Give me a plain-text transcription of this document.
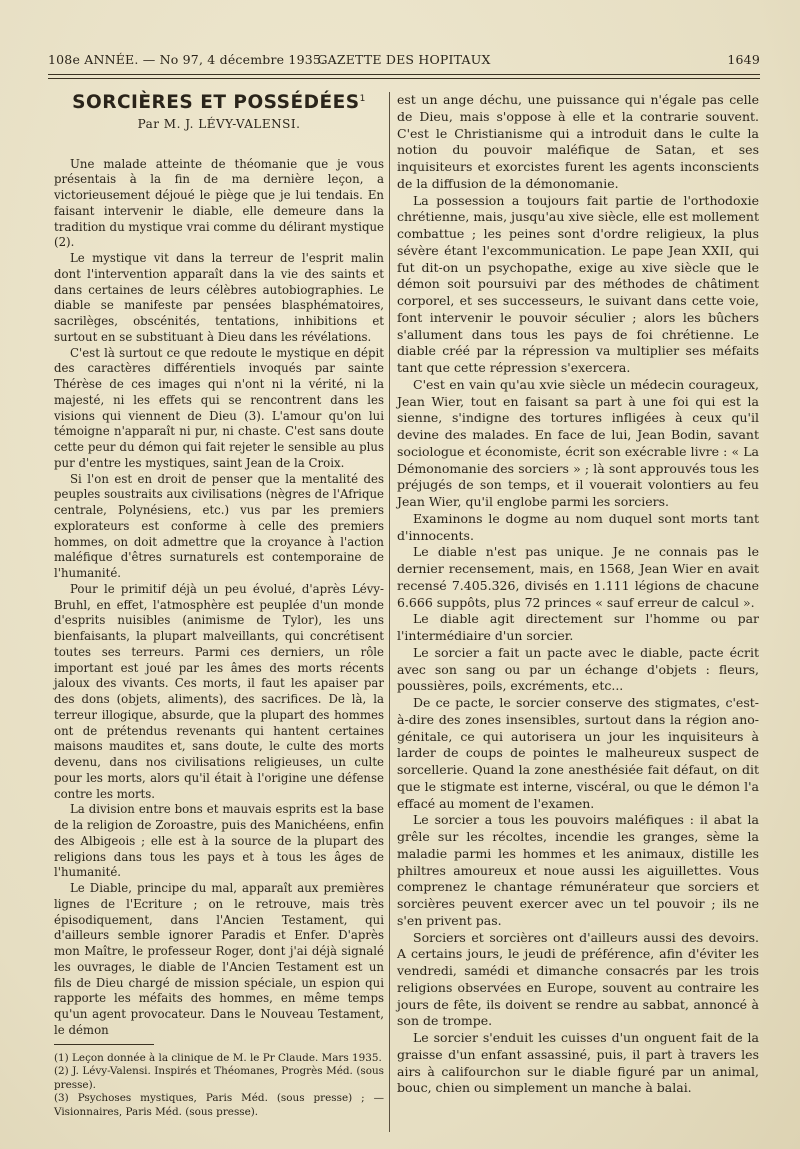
108e ANNÉE. — No 97, 4 décembre 1935.
GAZETTE DES HOPITAUX	1649
SORCIÈRES ET POSSÉDÉES$^1$
Par M. J. LÉVY-VALENSI.

Une malade atteinte de théomanie que je vous présentais à la fin de ma dernière leçon, a victorieusement déjoué le piège que je lui tendais. En faisant intervenir le diable, elle demeure dans la tradition du mystique vrai comme du délirant mystique (2).

Le mystique vit dans la terreur de l'esprit malin dont l'intervention apparaît dans la vie des saints et dans certaines de leurs célèbres autobiographies. Le diable se manifeste par pensées blasphématoires, sacrilèges, obscénités, tentations, inhibitions et surtout en se substituant à Dieu dans les révélations.

C'est là surtout ce que redoute le mystique en dépit des caractères différentiels invoqués par sainte Thérèse de ces images qui n'ont ni la vérité, ni la majesté, ni les effets qui se rencontrent dans les visions qui viennent de Dieu (3). L'amour qu'on lui témoigne n'apparaît ni pur, ni chaste. C'est sans doute cette peur du démon qui fait rejeter le sensible au plus pur d'entre les mystiques, saint Jean de la Croix.

Si l'on est en droit de penser que la mentalité des peuples soustraits aux civilisations (nègres de l'Afrique centrale, Polynésiens, etc.) vus par les premiers explorateurs est conforme à celle des premiers hommes, on doit admettre que la croyance à l'action maléfique d'êtres surnaturels est contemporaine de l'humanité.

Pour le primitif déjà un peu évolué, d'après Lévy-Bruhl, en effet, l'atmosphère est peuplée d'un monde d'esprits nuisibles (animisme de Tylor), les uns bienfaisants, la plupart malveillants, qui concrétisent toutes ses terreurs. Parmi ces derniers, un rôle important est joué par les âmes des morts récents jaloux des vivants. Ces morts, il faut les apaiser par des dons (objets, aliments), des sacrifices. De là, la terreur illogique, absurde, que la plupart des hommes ont de prétendus revenants qui hantent certaines maisons maudites et, sans doute, le culte des morts devenu, dans nos civilisations religieuses, un culte pour les morts, alors qu'il était à l'origine une défense contre les morts.

La division entre bons et mauvais esprits est la base de la religion de Zoroastre, puis des Manichéens, enfin des Albigeois ; elle est à la source de la plupart des religions dans tous les pays et à tous les âges de l'humanité.

Le Diable, principe du mal, apparaît aux premières lignes de l'Ecriture ; on le retrouve, mais très épisodiquement, dans l'Ancien Testament, qui d'ailleurs semble ignorer Paradis et Enfer. D'après mon Maître, le professeur Roger, dont j'ai déjà signalé les ouvrages, le diable de l'Ancien Testament est un fils de Dieu chargé de mission spéciale, un espion qui rapporte les méfaits des hommes, en même temps qu'un agent provocateur. Dans le Nouveau Testament, le démon

est un ange déchu, une puissance qui n'égale pas celle de Dieu, mais s'oppose à elle et la contrarie souvent. C'est le Christianisme qui a introduit dans le culte la notion du pouvoir maléfique de Satan, et ses inquisiteurs et exorcistes furent les agents inconscients de la diffusion de la démonomanie.

La possession a toujours fait partie de l'orthodoxie chrétienne, mais, jusqu'au xive siècle, elle est mollement combattue ; les peines sont d'ordre religieux, la plus sévère étant l'excommunication. Le pape Jean XXII, qui fut dit-on un psychopathe, exige au xive siècle que le démon soit poursuivi par des méthodes de châtiment corporel, et ses successeurs, le suivant dans cette voie, font intervenir le pouvoir séculier ; alors les bûchers s'allument dans tous les pays de foi chrétienne. Le diable créé par la répression va multiplier ses méfaits tant que cette répression s'exercera.

C'est en vain qu'au xvie siècle un médecin courageux, Jean Wier, tout en faisant sa part à une foi qui est la sienne, s'indigne des tortures infligées à ceux qu'il devine des malades. En face de lui, Jean Bodin, savant sociologue et économiste, écrit son exécrable livre : « La Démonomanie des sorciers » ; là sont approuvés tous les préjugés de son temps, et il vouerait volontiers au feu Jean Wier, qu'il englobe parmi les sorciers.

Examinons le dogme au nom duquel sont morts tant d'innocents.

Le diable n'est pas unique. Je ne connais pas le dernier recensement, mais, en 1568, Jean Wier en avait recensé 7.405.326, divisés en 1.111 légions de chacune 6.666 suppôts, plus 72 princes « sauf erreur de calcul ».

Le diable agit directement sur l'homme ou par l'intermédiaire d'un sorcier.

Le sorcier a fait un pacte avec le diable, pacte écrit avec son sang ou par un échange d'objets : fleurs, poussières, poils, excréments, etc...

De ce pacte, le sorcier conserve des stigmates, c'est-à-dire des zones insensibles, surtout dans la région ano-génitale, ce qui autorisera un jour les inquisiteurs à larder de coups de pointes le malheureux suspect de sorcellerie. Quand la zone anesthésiée fait défaut, on dit que le stigmate est interne, viscéral, ou que le démon l'a effacé au moment de l'examen.

Le sorcier a tous les pouvoirs maléfiques : il abat la grêle sur les récoltes, incendie les granges, sème la maladie parmi les hommes et les animaux, distille les philtres amoureux et noue aussi les aiguillettes. Vous comprenez le chantage rémunérateur que sorciers et sorcières peuvent exercer avec un tel pouvoir ; ils ne s'en privent pas.

Sorciers et sorcières ont d'ailleurs aussi des devoirs. A certains jours, le jeudi de préférence, afin d'éviter les vendredi, samédi et dimanche consacrés par les trois religions observées en Europe, souvent au contraire les jours de fête, ils doivent se rendre au sabbat, annoncé à son de trompe.

Le sorcier s'enduit les cuisses d'un onguent fait de la graisse d'un enfant assassiné, puis, il part à travers les airs à califourchon sur le diable figuré par un animal, bouc, chien ou simplement un manche à balai.

(1) Leçon donnée à la clinique de M. le Pr Claude. Mars 1935.
(2) J. Lévy-Valensi. Inspirés et Théomanes, Progrès Méd. (sous presse).
(3) Psychoses mystiques, Paris Méd. (sous presse) ; — Visionnaires, Paris Méd. (sous presse).
